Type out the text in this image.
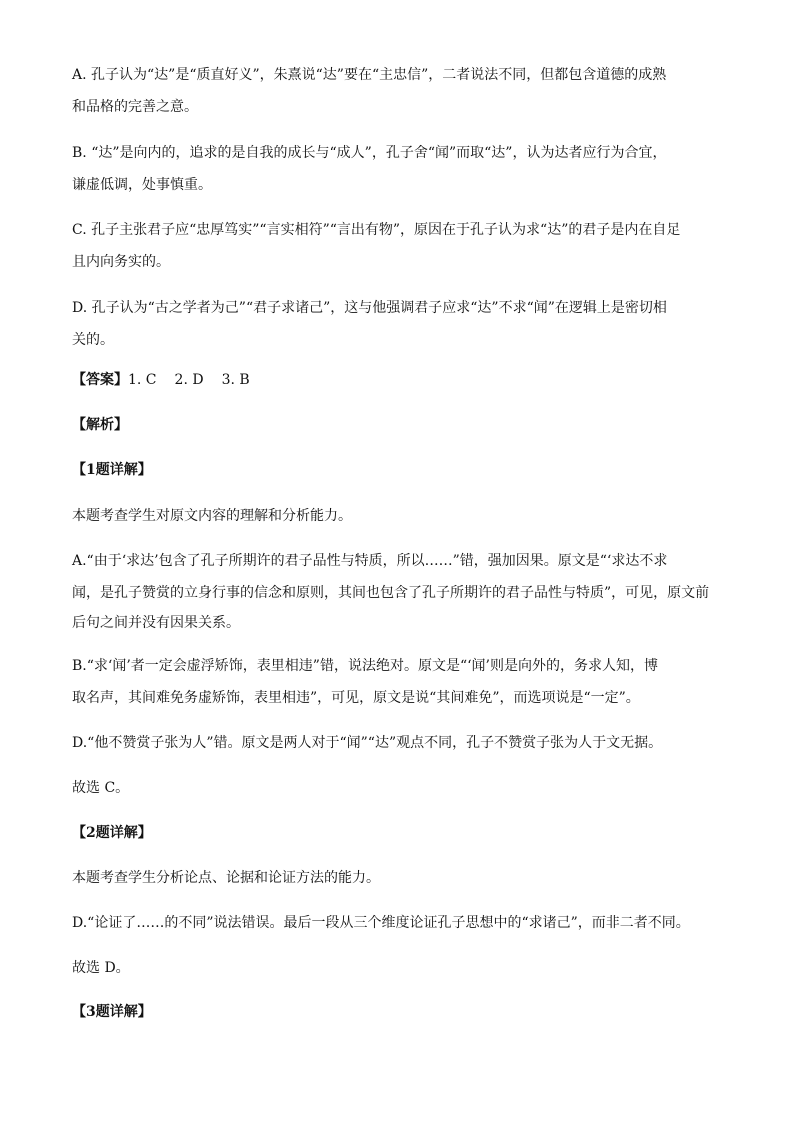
A. 孔子认为“达”是“质直好义”，朱熹说“达”要在“主忠信”，二者说法不同，但都包含道德的成熟
和品格的完善之意。
B. “达”是向内的，追求的是自我的成长与“成人”，孔子舍“闻”而取“达”，认为达者应行为合宜，
谦虚低调，处事慎重。
C. 孔子主张君子应“忠厚笃实”“言实相符”“言出有物”，原因在于孔子认为求“达”的君子是内在自足
且内向务实的。
D. 孔子认为“古之学者为己”“君子求诸己”，这与他强调君子应求“达”不求“闻”在逻辑上是密切相
关的。
【答案】1. C 2. D 3. B
【解析】
【1题详解】
本题考查学生对原文内容的理解和分析能力。
A.“由于‘求达’包含了孔子所期许的君子品性与特质，所以……”错，强加因果。原文是“‘求达不求
闻，是孔子赞赏的立身行事的信念和原则，其间也包含了孔子所期许的君子品性与特质”，可见，原文前
后句之间并没有因果关系。
B.“求‘闻’者一定会虚浮矫饰，表里相违”错，说法绝对。原文是“‘闻’则是向外的，务求人知，博
取名声，其间难免务虚矫饰，表里相违”，可见，原文是说“其间难免”，而选项说是“一定”。
D.“他不赞赏子张为人”错。原文是两人对于“闻”“达”观点不同，孔子不赞赏子张为人于文无据。
故选 C。
【2题详解】
本题考查学生分析论点、论据和论证方法的能力。
D.“论证了……的不同”说法错误。最后一段从三个维度论证孔子思想中的“求诸己”，而非二者不同。
故选 D。
【3题详解】
